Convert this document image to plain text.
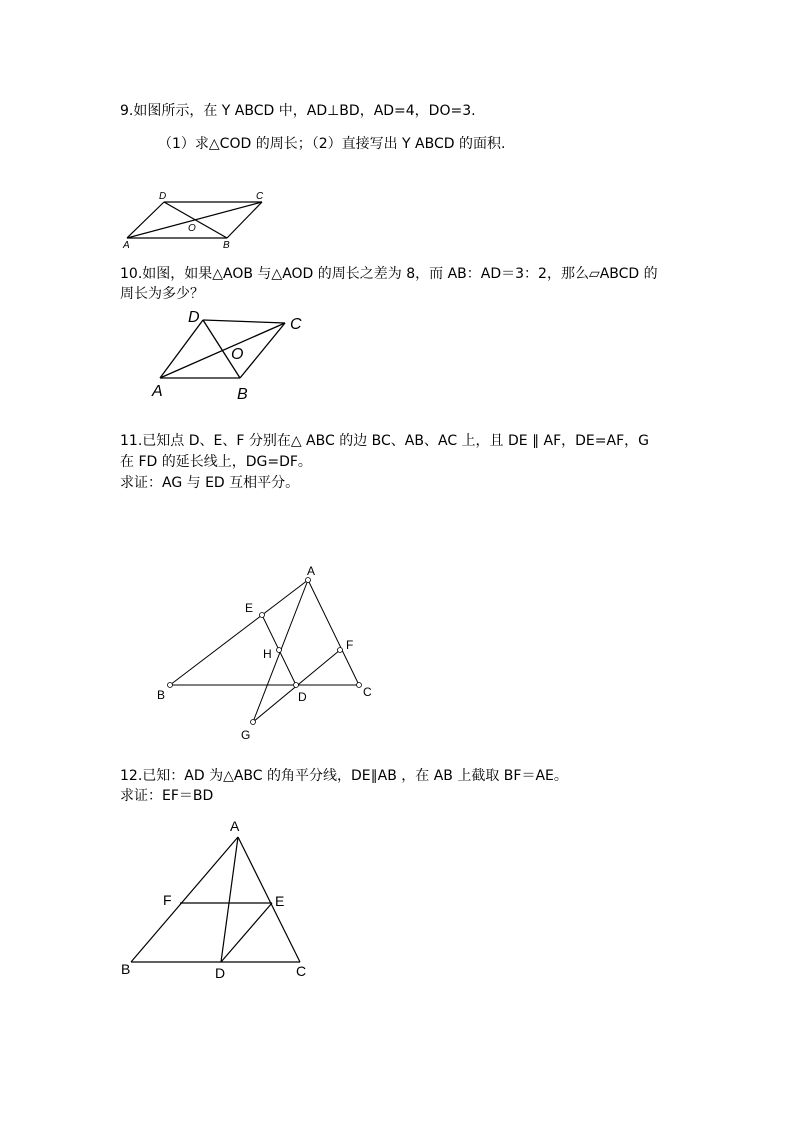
9.如图所示，在 Y ABCD 中，AD⊥BD，AD=4，DO=3.
（1）求△COD 的周长；（2）直接写出 Y ABCD 的面积.
D	C
O
A	B
10.如图，如果△AOB 与△AOD 的周长之差为 8，而 AB：AD＝3：2，那么▱ABCD 的
周长为多少？
D	C
O
A	B
11.已知点 D、E、F 分别在△ ABC 的边 BC、AB、AC 上，且 DE ∥ AF，DE=AF，G
在 FD 的延长线上，DG=DF。
求证：AG 与 ED 互相平分。
A
B	C
D
E
F
G
H
12.已知：AD 为△ABC 的角平分线，DE∥AB ，在 AB 上截取 BF＝AE。
求证：EF＝BD
A
B	C
D
E
F
